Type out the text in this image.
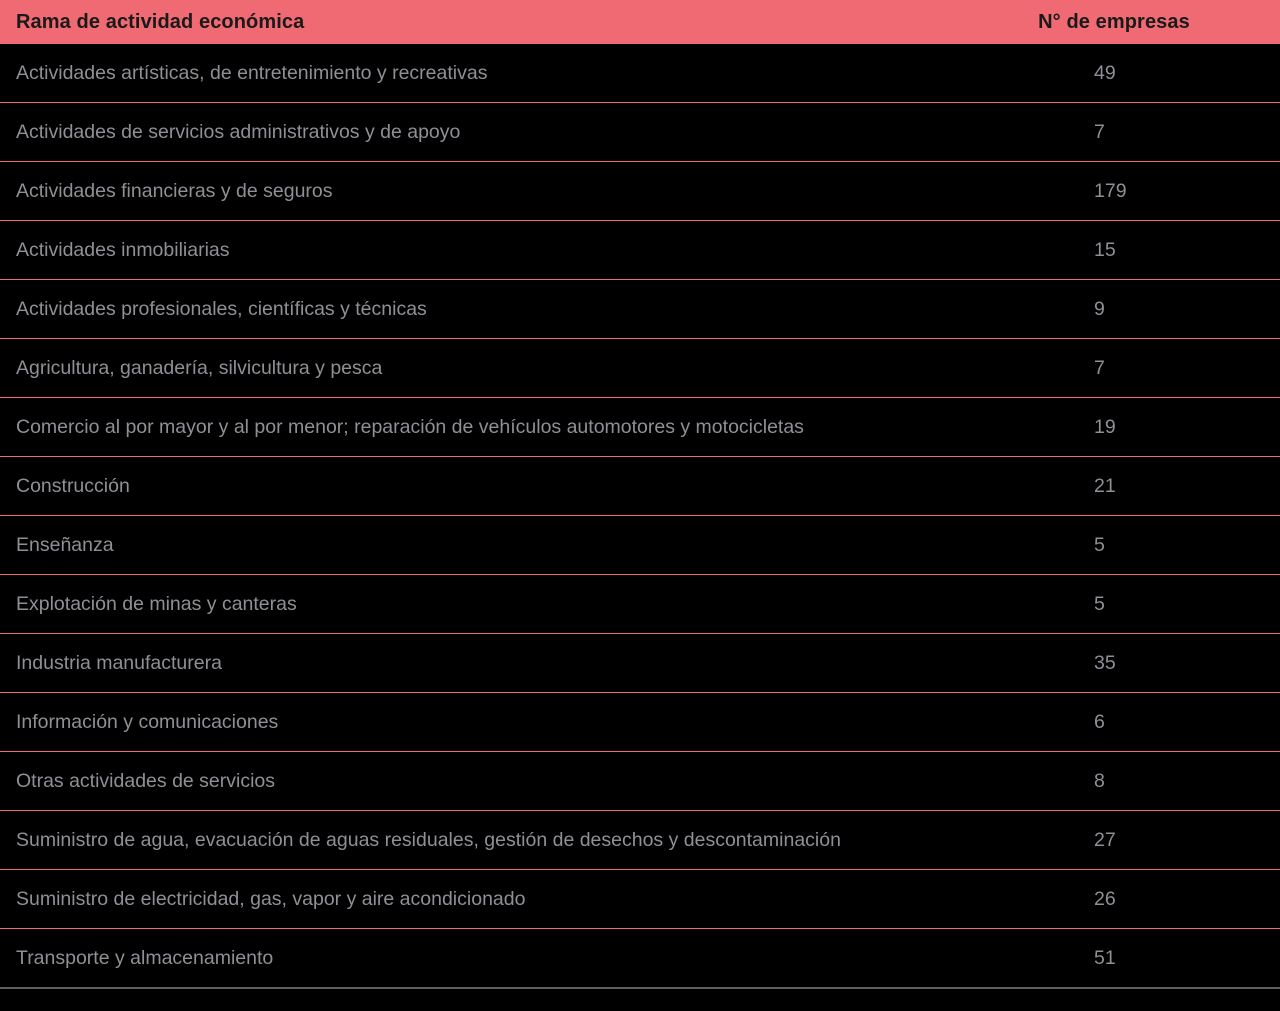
Rama de actividad económica	N° de empresas

Actividades artísticas, de entretenimiento y recreativas	49

Actividades de servicios administrativos y de apoyo	7

Actividades financieras y de seguros	179

Actividades inmobiliarias	15

Actividades profesionales, científicas y técnicas	9

Agricultura, ganadería, silvicultura y pesca	7

Comercio al por mayor y al por menor; reparación de vehículos automotores y motocicletas	19

Construcción	21

Enseñanza	5

Explotación de minas y canteras	5

Industria manufacturera	35

Información y comunicaciones	6

Otras actividades de servicios	8

Suministro de agua, evacuación de aguas residuales, gestión de desechos y descontaminación	27

Suministro de electricidad, gas, vapor y aire acondicionado	26

Transporte y almacenamiento	51
